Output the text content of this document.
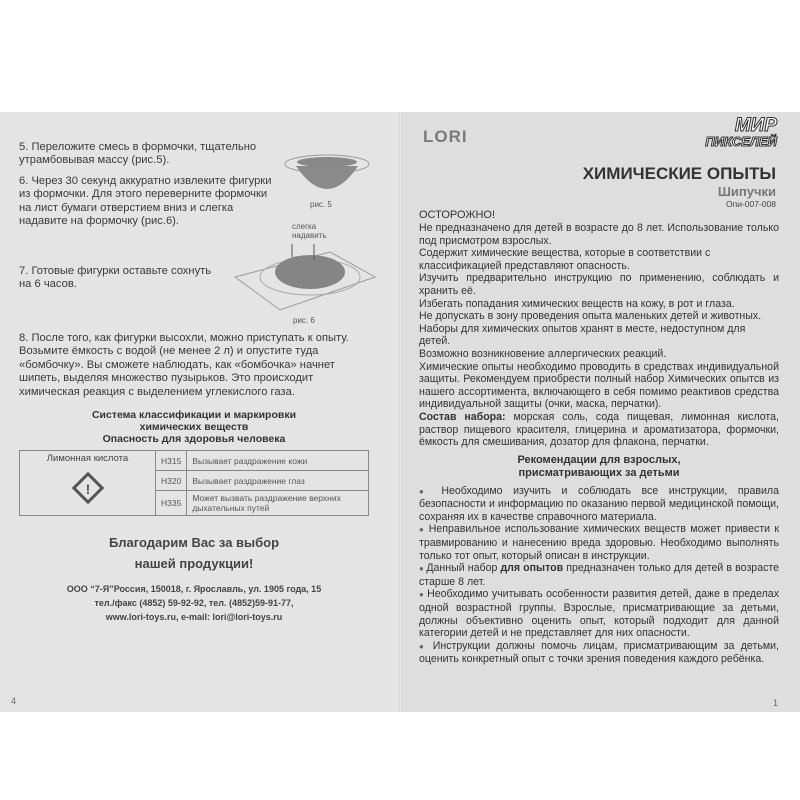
5. Переложите смесь в формочки, тщательно утрамбовывая массу (рис.5).

6. Через 30 секунд аккуратно извлеките фигурки из формочки. Для этого переверните формочки на лист бумаги отверстием вниз и слегка надавите на формочку (рис.6).

рис. 5
слегка надавить
рис. 6

7. Готовые фигурки оставьте сохнуть на 6 часов.

8. После того, как фигурки высохли, можно приступать к опыту. Возьмите ёмкость с водой (не менее 2 л) и опустите туда «бомбочку». Вы сможете наблюдать, как «бомбочка» начнет шипеть, выделяя множество пузырьков. Это происходит химическая реакция с выделением углекислого газа.

Система классификации и маркировки
химических веществ
Опасность для здоровья человека
Лимонная кислота
!	H315	Вызывает раздражение кожи
	H320	Вызывает раздражение глаз
	H335	Может вызвать раздражение верхних дыхательных путей
Благодарим Вас за выбор
нашей продукции!
ООО “7-Я”Россия, 150018, г. Ярославль, ул. 1905 года, 15
тел./факс (4852) 59-92-92, тел. (4852)59-91-77,
www.lori-toys.ru, e-mail: lori@lori-toys.ru
4
LORI
МИР
ПИКСЕЛЕЙ
ХИМИЧЕСКИЕ ОПЫТЫ
Шипучки
Опи-007-008
ОСТОРОЖНО!

Не предназначено для детей в возрасте до 8 лет. Использование только под присмотром взрослых.

Содержит химические вещества, которые в соответствии с классификацией представляют опасность.

Изучить предварительно инструкцию по применению, соблюдать и хранить её.

Избегать попадания химических веществ на кожу, в рот и глаза.

Не допускать в зону проведения опыта маленьких детей и животных.

Наборы для химических опытов хранят в месте, недоступном для детей.

Возможно возникновение аллергических реакций.

Химические опыты необходимо проводить в средствах индивидуальной защиты. Рекомендуем приобрести полный набор Химических опытсв из нашего ассортимента, включающего в себя помимо реактивов средства индивидуальной защиты (очки, маска, перчатки).

Состав набора: морская соль, сода пищевая, лимонная кислота, раствор пищевого красителя, глицерина и ароматизатора, формочки, ёмкость для смешивания, дозатор для флакона, перчатки.

Рекомендации для взрослых,
присматривающих за детьми

● Необходимо изучить и соблюдать все инструкции, правила безопасности и информацию по оказанию первой медицинской помощи, сохраняя их в качестве справочного материала.

● Неправильное использование химических веществ может привести к травмированию и нанесению вреда здоровью. Необходимо выполнять только тот опыт, который описан в инструкции.

● Данный набор для опытов предназначен только для детей в возрасте старше 8 лет.

● Необходимо учитывать особенности развития детей, даже в пределах одной возрастной группы. Взрослые, присматривающие за детьми, должны объективно оценить опыт, который подходит для данной категории детей и не представляет для них опасности.

● Инструкции должны помочь лицам, присматривающим за детьми, оценить конкретный опыт с точки зрения поведения каждого ребёнка.

1
